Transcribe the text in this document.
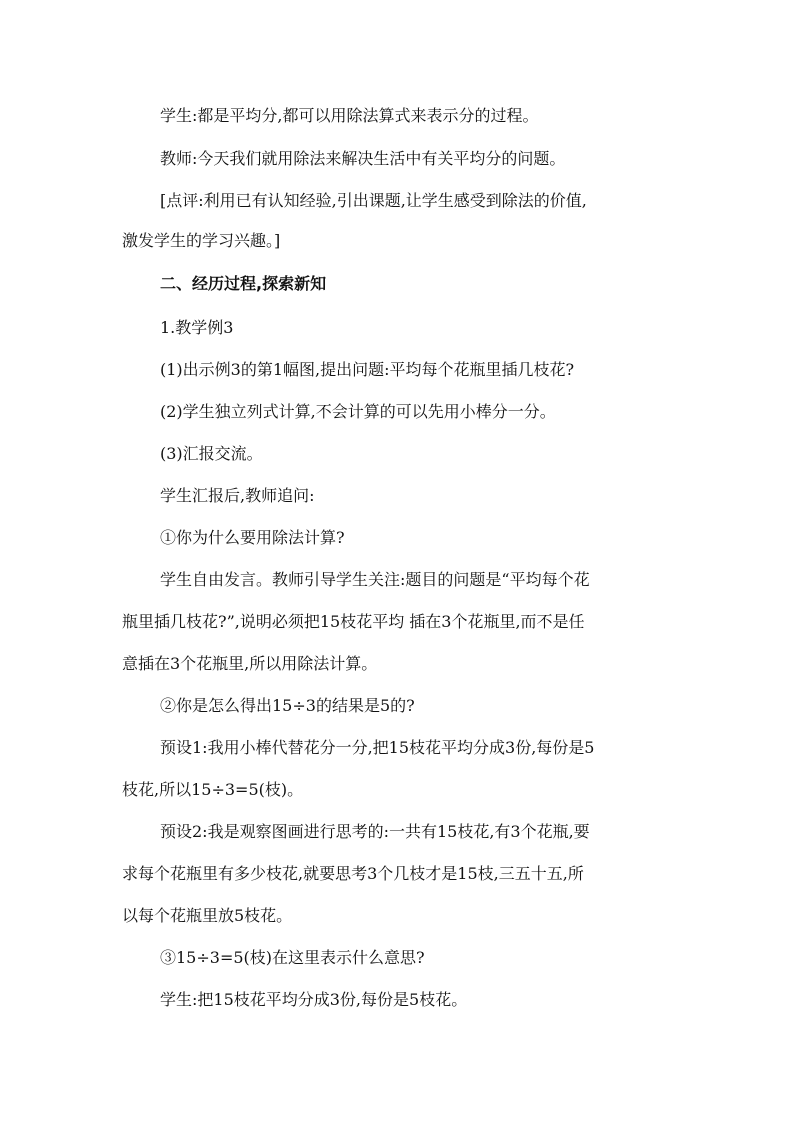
学生:都是平均分,都可以用除法算式来表示分的过程。

教师:今天我们就用除法来解决生活中有关平均分的问题。

[点评:利用已有认知经验,引出课题,让学生感受到除法的价值,

激发学生的学习兴趣。]

二、经历过程,探索新知

1.教学例3

(1)出示例3的第1幅图,提出问题:平均每个花瓶里插几枝花?

(2)学生独立列式计算,不会计算的可以先用小棒分一分。

(3)汇报交流。

学生汇报后,教师追问:

①你为什么要用除法计算?

学生自由发言。教师引导学生关注:题目的问题是“平均每个花

瓶里插几枝花?”,说明必须把15枝花平均 插在3个花瓶里,而不是任

意插在3个花瓶里,所以用除法计算。

②你是怎么得出15÷3的结果是5的?

预设1:我用小棒代替花分一分,把15枝花平均分成3份,每份是5

枝花,所以15÷3=5(枝)。

预设2:我是观察图画进行思考的:一共有15枝花,有3个花瓶,要

求每个花瓶里有多少枝花,就要思考3个几枝才是15枝,三五十五,所

以每个花瓶里放5枝花。

③15÷3=5(枝)在这里表示什么意思?

学生:把15枝花平均分成3份,每份是5枝花。
